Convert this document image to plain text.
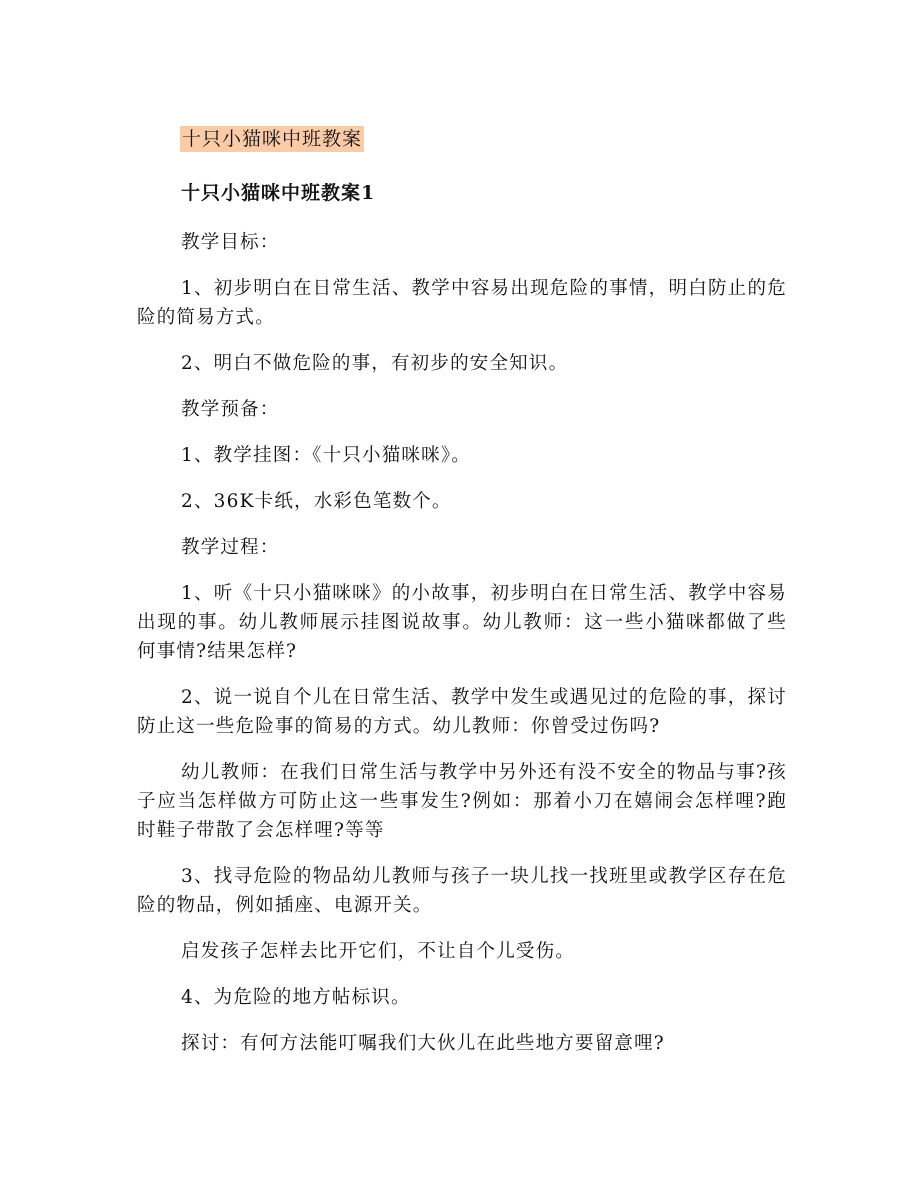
十只小猫咪中班教案
十只小猫咪中班教案1

教学目标：

1、初步明白在日常生活、教学中容易出现危险的事情，明白防止的危险的简易方式。

2、明白不做危险的事，有初步的安全知识。

教学预备：

1、教学挂图：《十只小猫咪咪》。

2、36K卡纸，水彩色笔数个。

教学过程：

1、听《十只小猫咪咪》的小故事，初步明白在日常生活、教学中容易出现的事。幼儿教师展示挂图说故事。幼儿教师：这一些小猫咪都做了些何事情?结果怎样?

2、说一说自个儿在日常生活、教学中发生或遇见过的危险的事，探讨防止这一些危险事的简易的方式。幼儿教师：你曾受过伤吗?

幼儿教师：在我们日常生活与教学中另外还有没不安全的物品与事?孩子应当怎样做方可防止这一些事发生?例如：那着小刀在嬉闹会怎样哩?跑时鞋子带散了会怎样哩?等等

3、找寻危险的物品幼儿教师与孩子一块儿找一找班里或教学区存在危险的物品，例如插座、电源开关。

启发孩子怎样去比开它们，不让自个儿受伤。

4、为危险的地方帖标识。

探讨：有何方法能叮嘱我们大伙儿在此些地方要留意哩?
